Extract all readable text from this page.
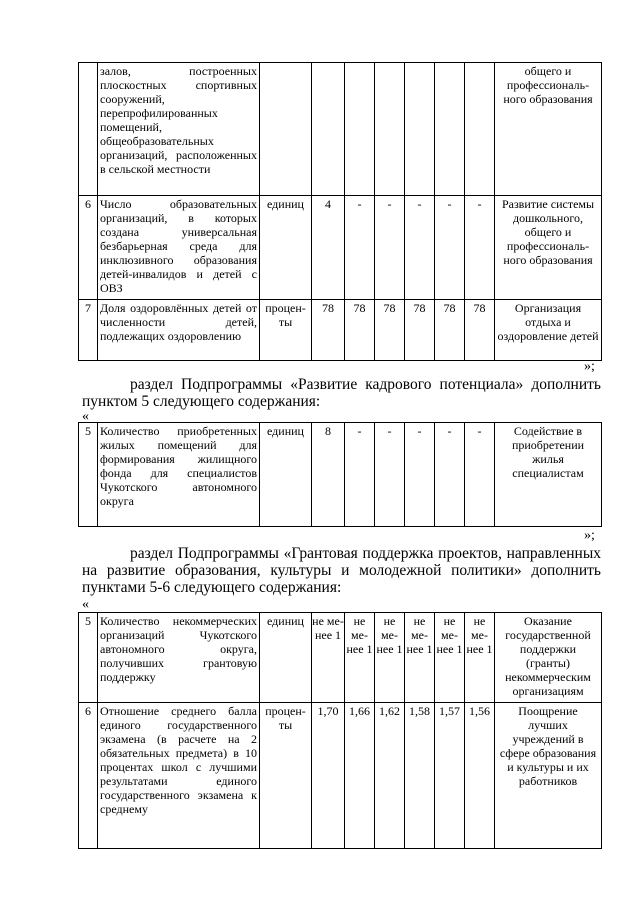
	залов, построенных плоскостных спортивных сооружений, перепрофилированных помещений, общеобразовательных организаций, расположенных в сельской местности								общего и профессиональ- ного образования
6	Число образовательных организаций, в которых создана универсальная безбарьерная среда для инклюзивного образования детей-инвалидов и детей с ОВЗ	единиц	4	-	-	-	-	-	Развитие системы дошкольного, общего и профессиональ- ного образования
7	Доля оздоровлённых детей от численности детей, подлежащих оздоровлению	процен- ты	78	78	78	78	78	78	Организация отдыха и оздоровление детей
»;
раздел Подпрограммы «Развитие кадрового потенциала» дополнить пунктом 5 следующего содержания:
«
5	Количество приобретенных жилых помещений для формирования жилищного фонда для специалистов Чукотского автономного округа	единиц	8	-	-	-	-	-	Содействие в приобретении жилья специалистам
»;
раздел Подпрограммы «Грантовая поддержка проектов, направленных на развитие образования, культуры и молодежной политики» дополнить пунктами 5-6 следующего содержания:
«
5	Количество некоммерческих организаций Чукотского автономного округа, получивших грантовую поддержку	единиц	не ме- нее 1	не ме- нее 1	не ме- нее 1	не ме- нее 1	не ме- нее 1	не ме- нее 1	Оказание государственной поддержки (гранты) некоммерческим организациям
6	Отношение среднего балла единого государственного экзамена (в расчете на 2 обязательных предмета) в 10 процентах школ с лучшими результатами единого государственного экзамена к среднему	процен- ты	1,70	1,66	1,62	1,58	1,57	1,56	Поощрение лучших учреждений в сфере образования и культуры и их работников
